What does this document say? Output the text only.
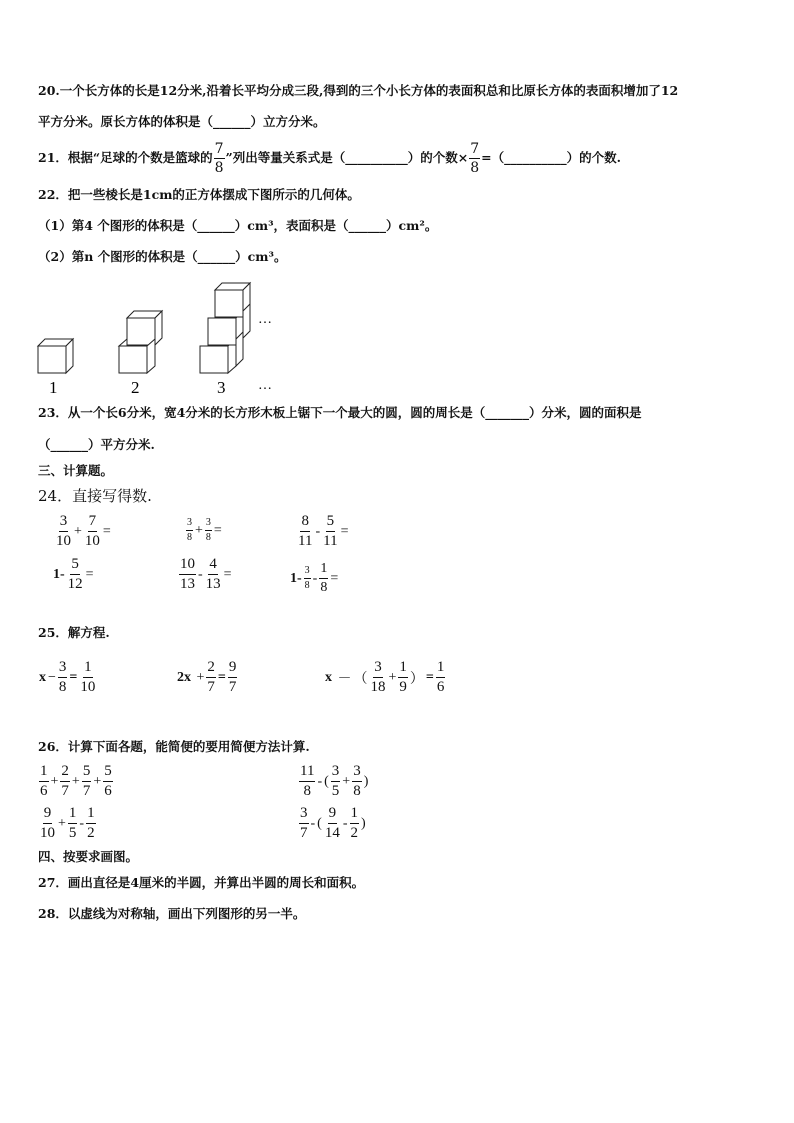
20.一个长方体的长是12分米,沿着长平均分成三段,得到的三个小长方体的表面积总和比原长方体的表面积增加了12
平方分米。原长方体的体积是（______）立方分米。
21．根据“足球的个数是篮球的 $\frac{7}{8}$ ”列出等量关系式是（__________）的个数× $\frac{7}{8}$ =（__________）的个数.
22．把一些棱长是1cm的正方体摆成下图所示的几何体。
（1）第4 个图形的体积是（______）cm³，表面积是（______）cm²。
（2）第n 个图形的体积是（______）cm³。
1	2	3
…
…
23．从一个长6分米，宽4分米的长方形木板上锯下一个最大的圆，圆的周长是（_______）分米，圆的面积是
（______）平方分米.
三、计算题。
24．直接写得数.
$\frac{3}{10} + \frac{7}{10}$ =	$\frac{3}{8} + \frac{3}{8}$ =	$\frac{8}{11} - \frac{5}{11}$ =
$1- \frac{5}{12}$ =	$\frac{10}{13} - \frac{4}{13}$ =	$1- \frac{3}{8} - \frac{1}{8}$ =
25．解方程.
$x - \frac{3}{8} = \frac{1}{10}$	$2x + \frac{2}{7} = \frac{9}{7}$	x － （ $\frac{3}{18} + \frac{1}{9}$ ） = $\frac{1}{6}$
26．计算下面各题，能简便的要用简便方法计算.
$\frac{1}{6} + \frac{2}{7} + \frac{5}{7} + \frac{5}{6}$	$\frac{11}{8}$ - ( $\frac{3}{5} + \frac{3}{8}$ )
$\frac{9}{10} + \frac{1}{5} - \frac{1}{2}$	$\frac{3}{7}$ - ( $\frac{9}{14} - \frac{1}{2}$ )
四、按要求画图。
27．画出直径是4厘米的半圆，并算出半圆的周长和面积。
28．以虚线为对称轴，画出下列图形的另一半。
